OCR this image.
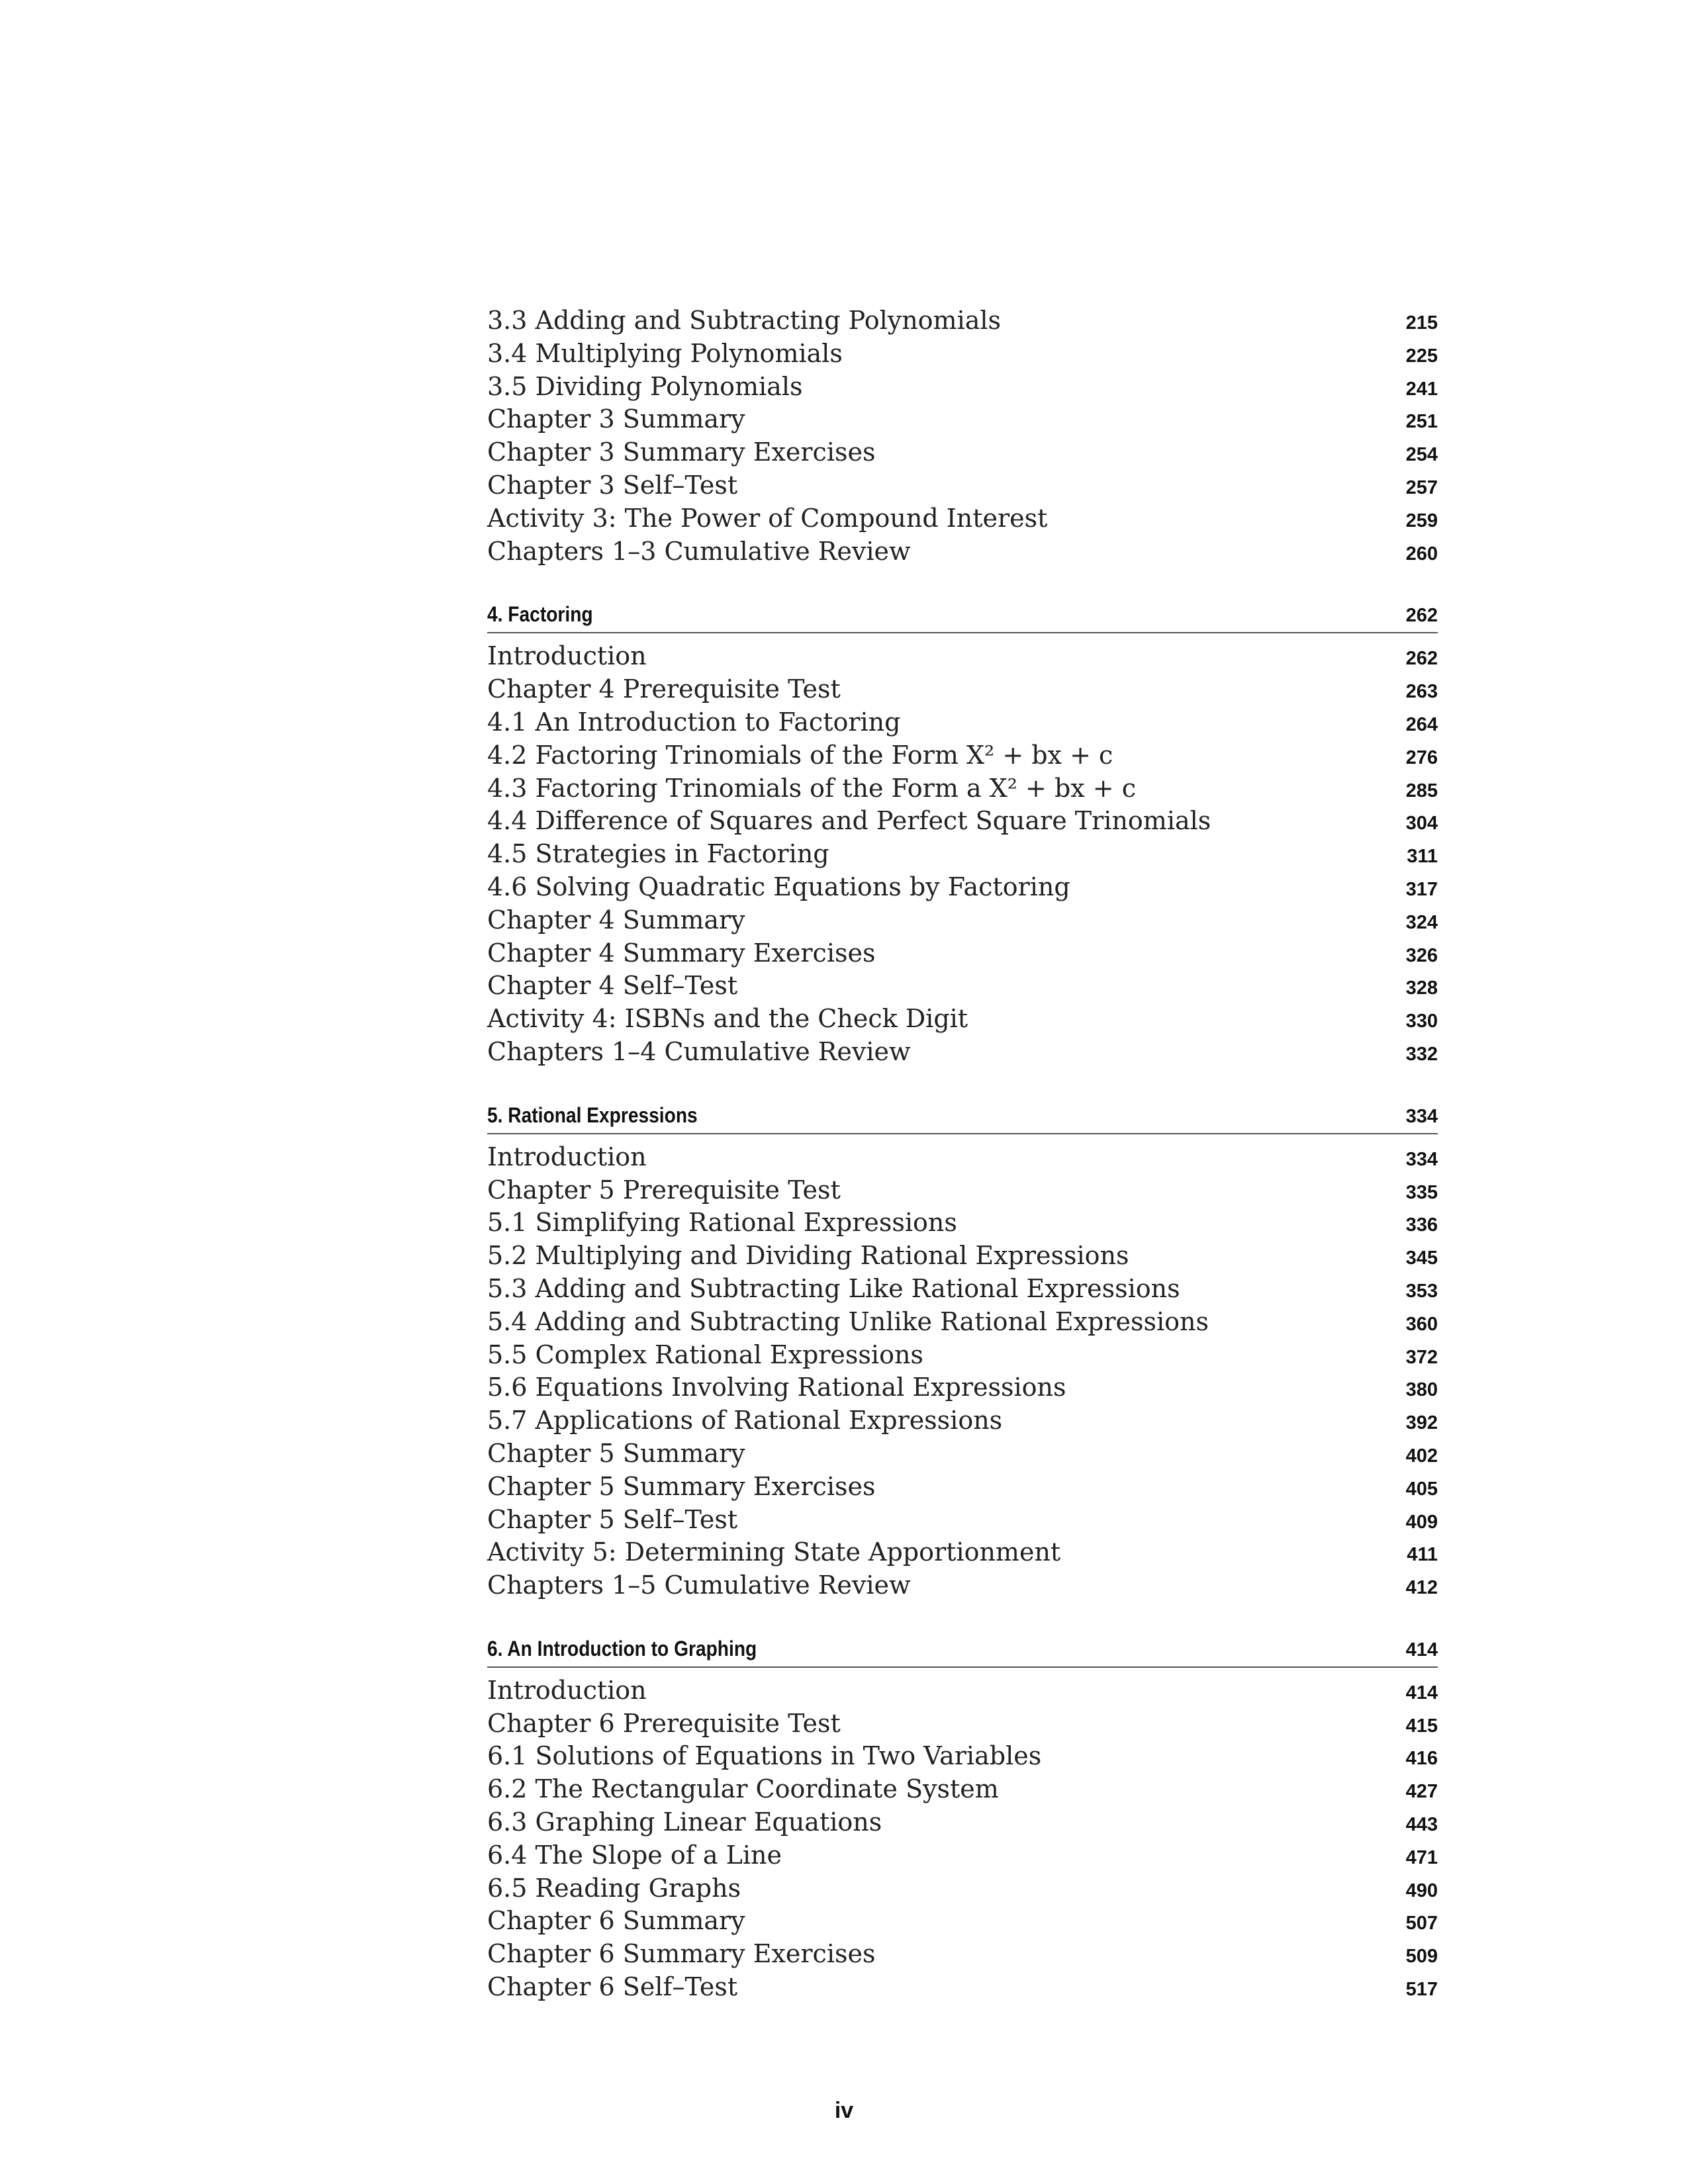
3.3 Adding and Subtracting Polynomials	215
3.4 Multiplying Polynomials	225
3.5 Dividing Polynomials	241
Chapter 3 Summary	251
Chapter 3 Summary Exercises	254
Chapter 3 Self–Test	257
Activity 3: The Power of Compound Interest	259
Chapters 1–3 Cumulative Review	260
4. Factoring	262
Introduction	262
Chapter 4 Prerequisite Test	263
4.1 An Introduction to Factoring	264
4.2 Factoring Trinomials of the Form X² + bx + c	276
4.3 Factoring Trinomials of the Form a X² + bx + c	285
4.4 Difference of Squares and Perfect Square Trinomials	304
4.5 Strategies in Factoring	311
4.6 Solving Quadratic Equations by Factoring	317
Chapter 4 Summary	324
Chapter 4 Summary Exercises	326
Chapter 4 Self–Test	328
Activity 4: ISBNs and the Check Digit	330
Chapters 1–4 Cumulative Review	332
5. Rational Expressions	334
Introduction	334
Chapter 5 Prerequisite Test	335
5.1 Simplifying Rational Expressions	336
5.2 Multiplying and Dividing Rational Expressions	345
5.3 Adding and Subtracting Like Rational Expressions	353
5.4 Adding and Subtracting Unlike Rational Expressions	360
5.5 Complex Rational Expressions	372
5.6 Equations Involving Rational Expressions	380
5.7 Applications of Rational Expressions	392
Chapter 5 Summary	402
Chapter 5 Summary Exercises	405
Chapter 5 Self–Test	409
Activity 5: Determining State Apportionment	411
Chapters 1–5 Cumulative Review	412
6. An Introduction to Graphing	414
Introduction	414
Chapter 6 Prerequisite Test	415
6.1 Solutions of Equations in Two Variables	416
6.2 The Rectangular Coordinate System	427
6.3 Graphing Linear Equations	443
6.4 The Slope of a Line	471
6.5 Reading Graphs	490
Chapter 6 Summary	507
Chapter 6 Summary Exercises	509
Chapter 6 Self–Test	517
iv
